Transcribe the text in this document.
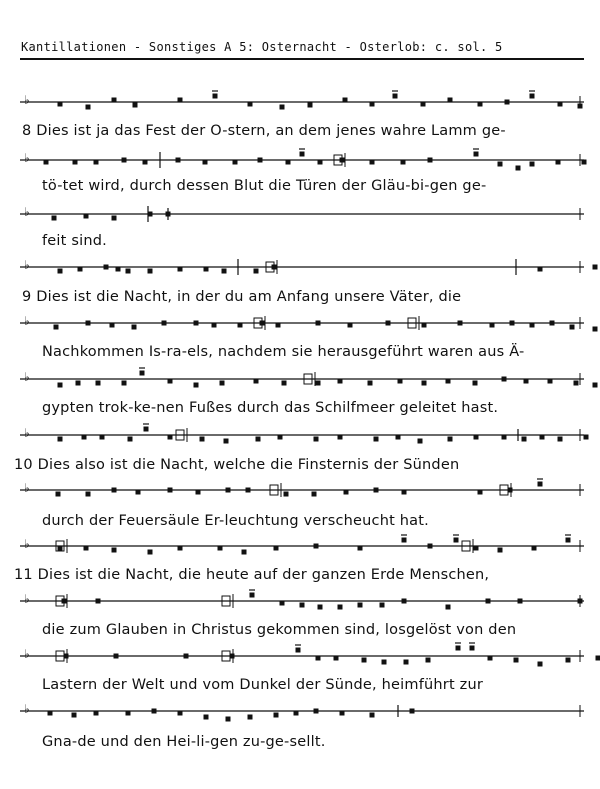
Kantillationen - Sonstiges A 5: Osternacht - Osterlob: c. sol. 5
♭
♭
♭
♭
♭
♭
♭
♭
♭
♭
♭
♭
8 Dies ist ja das Fest der O-stern, an dem jenes wahre Lamm ge-
tö-tet wird, durch dessen Blut die Türen der Gläu-bi-gen ge-
feit sind.
9 Dies ist die Nacht, in der du am Anfang unsere Väter, die
Nachkommen Is-ra-els, nachdem sie herausgeführt waren aus Ä-
gypten trok-ke-nen Fußes durch das Schilfmeer geleitet hast.
10 Dies also ist die Nacht, welche die Finsternis der Sünden
durch der Feuersäule Er-leuchtung verscheucht hat.
11 Dies ist die Nacht, die heute auf der ganzen Erde Menschen,
die zum Glauben in Christus gekommen sind, losgelöst von den
Lastern der Welt und vom Dunkel der Sünde, heimführt zur
Gna-de und den Hei-li-gen zu-ge-sellt.
